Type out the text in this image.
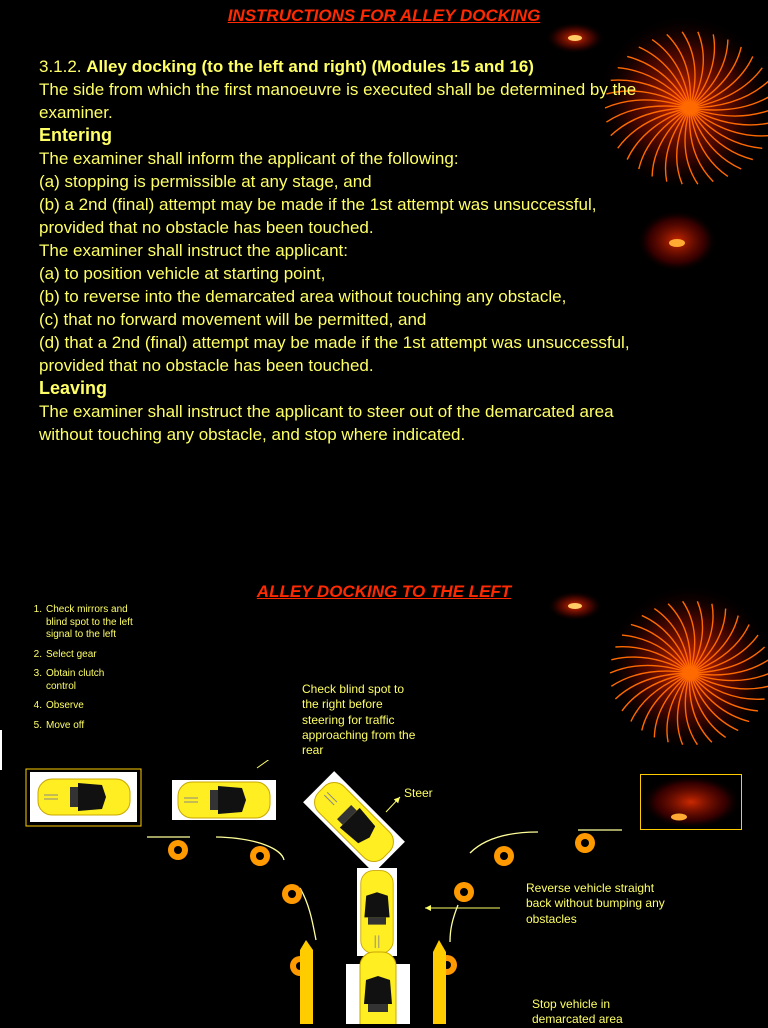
INSTRUCTIONS FOR ALLEY DOCKING
3.1.2. Alley docking (to the left and right) (Modules 15 and 16)
The side from which the first manoeuvre is executed shall be determined by the
examiner.
Entering
The examiner shall inform the applicant of the following:
(a) stopping is permissible at any stage, and
(b) a 2nd (final) attempt may be made if the 1st attempt was unsuccessful,
provided that no obstacle has been touched.
The examiner shall instruct the applicant:
(a) to position vehicle at starting point,
(b) to reverse into the demarcated area without touching any obstacle,
(c) that no forward movement will be permitted, and
(d) that a 2nd (final) attempt may be made if the 1st attempt was unsuccessful,
provided that no obstacle has been touched.
Leaving
The examiner shall instruct the applicant to steer out of the demarcated area
without touching any obstacle, and stop where indicated.
ALLEY DOCKING TO THE LEFT
1. Check mirrors and blind spot to the left signal to the left
2. Select gear
3. Obtain clutch control
4. Observe
5. Move off
Check blind spot to the right before steering for traffic approaching from the rear
Steer
Reverse vehicle straight back without bumping any obstacles
Stop vehicle in demarcated area
